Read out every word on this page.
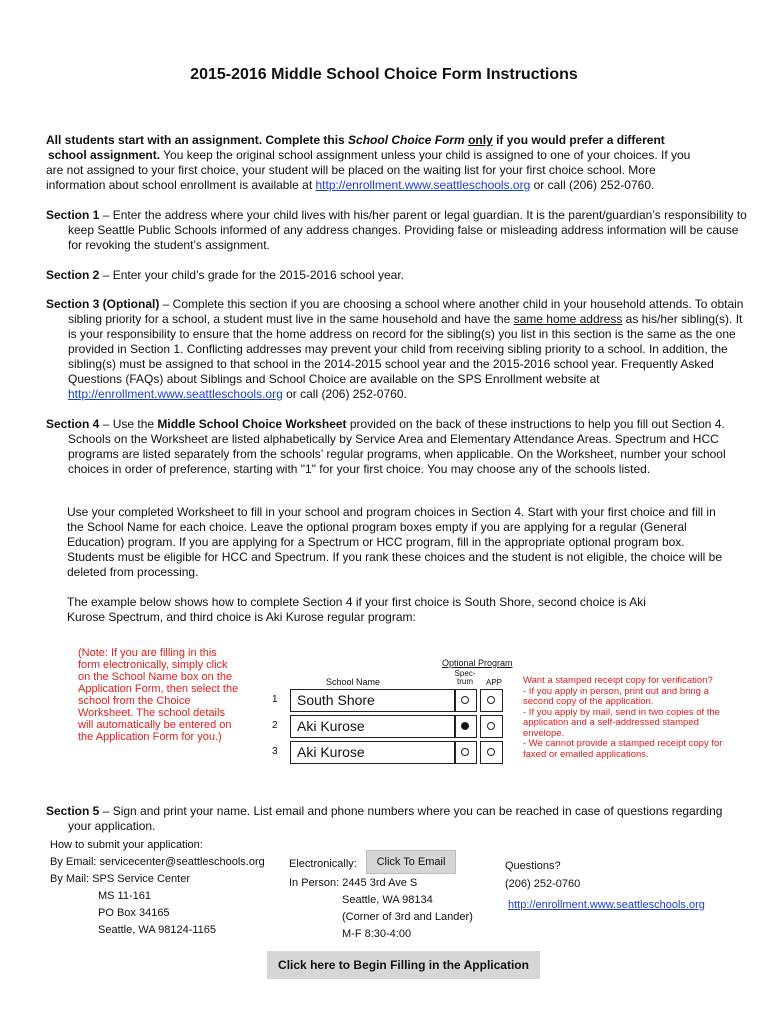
2015-2016 Middle School Choice Form Instructions
All students start with an assignment. Complete this School Choice Form only if you would prefer a different
school assignment. You keep the original school assignment unless your child is assigned to one of your choices. If you
are not assigned to your first choice, your student will be placed on the waiting list for your first choice school. More
information about school enrollment is available at http://enrollment.www.seattleschools.org or call (206) 252-0760.
Section 1 – Enter the address where your child lives with his/her parent or legal guardian. It is the parent/guardian’s responsibility to keep Seattle Public Schools informed of any address changes. Providing false or misleading address information will be cause for revoking the student’s assignment.
Section 2 – Enter your child’s grade for the 2015-2016 school year.
Section 3 (Optional) – Complete this section if you are choosing a school where another child in your household attends. To obtain sibling priority for a school, a student must live in the same household and have the same home address as his/her sibling(s). It is your responsibility to ensure that the home address on record for the sibling(s) you list in this section is the same as the one provided in Section 1. Conflicting addresses may prevent your child from receiving sibling priority to a school. In addition, the sibling(s) must be assigned to that school in the 2014-2015 school year and the 2015-2016 school year. Frequently Asked Questions (FAQs) about Siblings and School Choice are available on the SPS Enrollment website at http://enrollment.www.seattleschools.org or call (206) 252-0760.
Section 4 – Use the Middle School Choice Worksheet provided on the back of these instructions to help you fill out Section 4. Schools on the Worksheet are listed alphabetically by Service Area and Elementary Attendance Areas. Spectrum and HCC programs are listed separately from the schools’ regular programs, when applicable. On the Worksheet, number your school choices in order of preference, starting with "1" for your first choice. You may choose any of the schools listed.
Use your completed Worksheet to fill in your school and program choices in Section 4. Start with your first choice and fill in the School Name for each choice. Leave the optional program boxes empty if you are applying for a regular (General Education) program. If you are applying for a Spectrum or HCC program, fill in the appropriate optional program box. Students must be eligible for HCC and Spectrum. If you rank these choices and the student is not eligible, the choice will be deleted from processing.
The example below shows how to complete Section 4 if your first choice is South Shore, second choice is Aki Kurose Spectrum, and third choice is Aki Kurose regular program:
(Note: If you are filling in this form electronically, simply click on the School Name box on the Application Form, then select the school from the Choice Worksheet. The school details will automatically be entered on the Application Form for you.)
Optional Program
School Name
Spec-trum	APP
1	South Shore
2	Aki Kurose
3	Aki Kurose
Want a stamped receipt copy for verification?
- If you apply in person, print out and bring a second copy of the application.
- If you apply by mail, send in two copies of the application and a self-addressed stamped envelope.
- We cannot provide a stamped receipt copy for faxed or emailed applications.
Section 5 – Sign and print your name. List email and phone numbers where you can be reached in case of questions regarding your application.
How to submit your application:
By Email: servicecenter@seattleschools.org
By Mail: SPS Service Center
MS 11-161
PO Box 34165
Seattle, WA 98124-1165
Electronically:	Click To Email
In Person: 2445 3rd Ave S
Seattle, WA 98134
(Corner of 3rd and Lander)
M-F 8:30-4:00
Questions?
(206) 252-0760
http://enrollment.www.seattleschools.org
Click here to Begin Filling in the Application
